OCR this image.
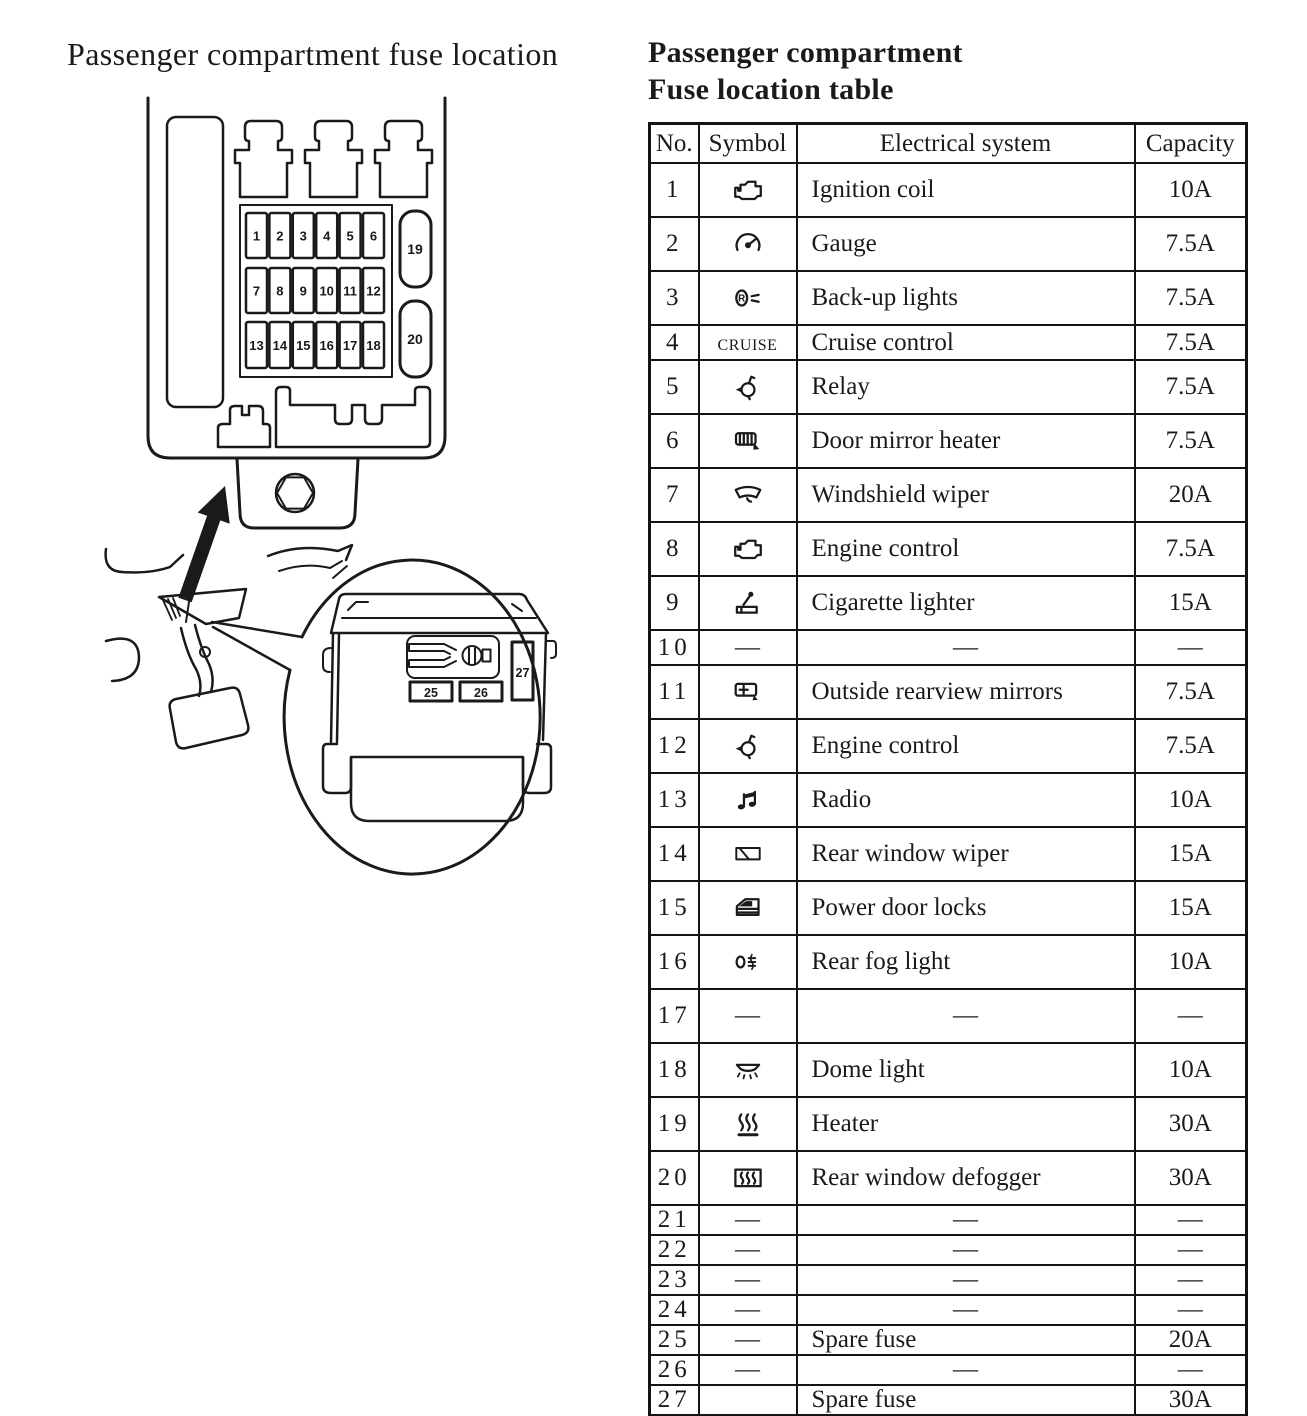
Passenger compartment fuse location	Passenger compartment
Fuse location table
1 2 3 4 5 6
7 8 9 10 11 12
13 14 15 16 17 18
19
20
25	26
27
No.	Symbol	Electrical system	Capacity
1		Ignition coil	10A
2		Gauge	7.5A
3	R	Back-up lights	7.5A
4	CRUISE	Cruise control	7.5A
5		Relay	7.5A
6		Door mirror heater	7.5A
7		Windshield wiper	20A
8		Engine control	7.5A
9		Cigarette lighter	15A
10	—	—	—
11		Outside rearview mirrors	7.5A
12		Engine control	7.5A
13		Radio	10A
14		Rear window wiper	15A
15		Power door locks	15A
16		Rear fog light	10A
17	—	—	—
18		Dome light	10A
19		Heater	30A
20		Rear window defogger	30A
21	—	—	—
22	—	—	—
23	—	—	—
24	—	—	—
25	—	Spare fuse	20A
26	—	—	—
27		Spare fuse	30A
